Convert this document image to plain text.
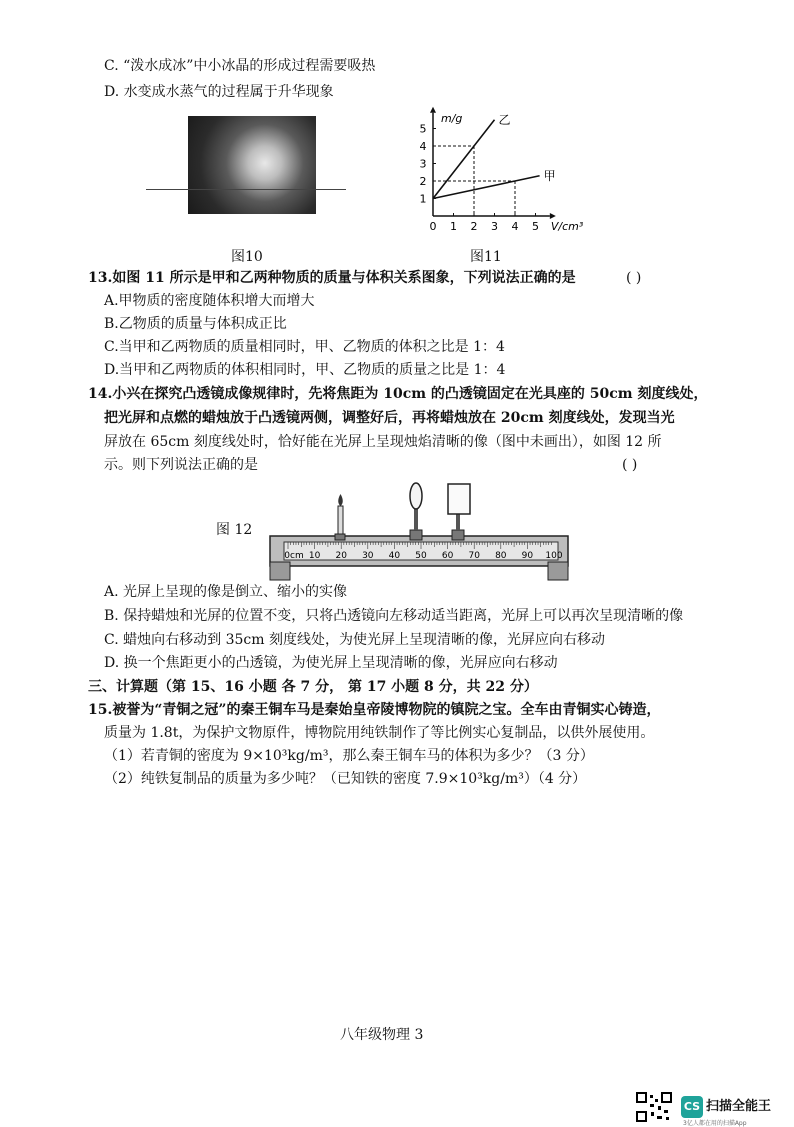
C. “泼水成冰”中小冰晶的形成过程需要吸热
D. 水变成水蒸气的过程属于升华现象
图10
0 1 2 3 4 5
1
2
3
4
5
m/g
V/cm³
乙
甲
图11
13.如图 11 所示是甲和乙两种物质的质量与体积关系图象，下列说法正确的是	( )
A.甲物质的密度随体积增大而增大
B.乙物质的质量与体积成正比
C.当甲和乙两物质的质量相同时，甲、乙物质的体积之比是 1：4
D.当甲和乙两物质的体积相同时，甲、乙物质的质量之比是 1：4
14.小兴在探究凸透镜成像规律时，先将焦距为 10cm 的凸透镜固定在光具座的 50cm 刻度线处，
把光屏和点燃的蜡烛放于凸透镜两侧，调整好后，再将蜡烛放在 20cm 刻度线处，发现当光
屏放在 65cm 刻度线处时，恰好能在光屏上呈现烛焰清晰的像（图中未画出），如图 12 所
示。则下列说法正确的是	( )
图 12
0cm 10 20 30 40 50 60 70 80 90 100
A. 光屏上呈现的像是倒立、缩小的实像
B. 保持蜡烛和光屏的位置不变，只将凸透镜向左移动适当距离，光屏上可以再次呈现清晰的像
C. 蜡烛向右移动到 35cm 刻度线处，为使光屏上呈现清晰的像，光屏应向右移动
D. 换一个焦距更小的凸透镜，为使光屏上呈现清晰的像，光屏应向右移动
三、计算题（第 15、16 小题 各 7 分， 第 17 小题 8 分，共 22 分）
15.被誉为“青铜之冠”的秦王铜车马是秦始皇帝陵博物院的镇院之宝。全车由青铜实心铸造，
质量为 1.8t，为保护文物原件，博物院用纯铁制作了等比例实心复制品，以供外展使用。
（1）若青铜的密度为 9×10³kg/m³，那么秦王铜车马的体积为多少？（3 分）
（2）纯铁复制品的质量为多少吨？（已知铁的密度 7.9×10³kg/m³）（4 分）
八年级物理 3
CS 扫描全能王
3亿人都在用的扫描App
